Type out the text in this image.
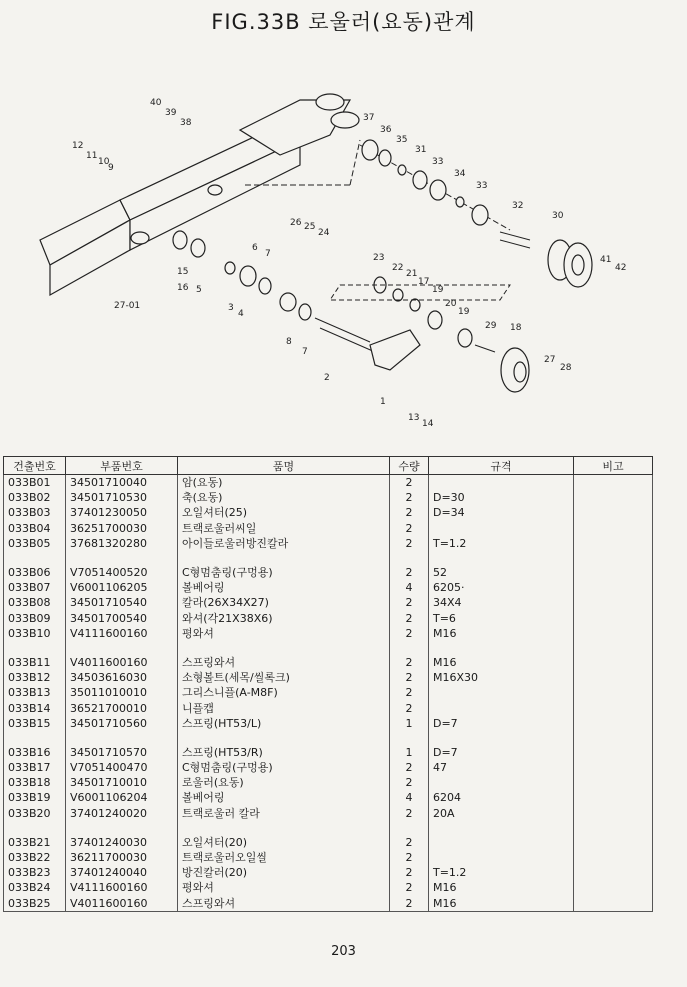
FIG.33B 로울러(요동)관계
40
39
38	37
36
35
31
33
34
33
32
30
12
11
10
9
26 25
24
6
7	23
22
21
17
19
20
19
41
42
15
16 5
3
4
8
7
2
29 18
27
28
1
13
14
27-01
건출번호	부품번호	품명	수량	규격	비고
033B01	34501710040	암(요동)	2		
033B02	34501710530	축(요동)	2	D=30	
033B03	37401230050	오일셔터(25)	2	D=34	
033B04	36251700030	트랙로울러씨일	2		
033B05	37681320280	아이들로울러방진칼라	2	T=1.2	

033B06	V7051400520	C형멈춤링(구멍용)	2	52	
033B07	V6001106205	볼베어링	4	6205·	
033B08	34501710540	칼라(26X34X27)	2	34X4	
033B09	34501700540	와셔(각21X38X6)	2	T=6	
033B10	V4111600160	평와셔	2	M16	

033B11	V4011600160	스프링와셔	2	M16	
033B12	34503616030	소형볼트(세목/씰록크)	2	M16X30	
033B13	35011010010	그리스니플(A-M8F)	2		
033B14	36521700010	니플캡	2		
033B15	34501710560	스프링(HT53/L)	1	D=7	

033B16	34501710570	스프링(HT53/R)	1	D=7	
033B17	V7051400470	C형멈춤링(구멍용)	2	47	
033B18	34501710010	로울러(요동)	2		
033B19	V6001106204	볼베어링	4	6204	
033B20	37401240020	트랙로울러 칼라	2	20A	

033B21	37401240030	오일셔터(20)	2		
033B22	36211700030	트랙로울러오일씰	2		
033B23	37401240040	방진칼러(20)	2	T=1.2	
033B24	V4111600160	평와셔	2	M16	
033B25	V4011600160	스프링와셔	2	M16	
203
